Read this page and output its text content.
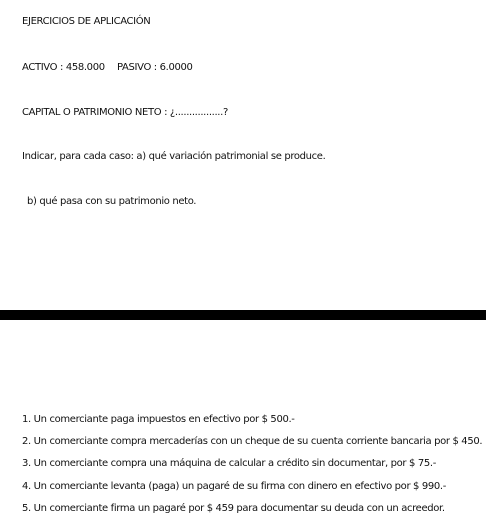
EJERCICIOS DE APLICACIÓN
ACTIVO : 458.000 PASIVO : 6.0000
CAPITAL O PATRIMONIO NETO : ¿.................?
Indicar, para cada caso: a) qué variación patrimonial se produce.
b) qué pasa con su patrimonio neto.
1. Un comerciante paga impuestos en efectivo por $ 500.-
2. Un comerciante compra mercaderías con un cheque de su cuenta corriente bancaria por $ 450.
3. Un comerciante compra una máquina de calcular a crédito sin documentar, por $ 75.-
4. Un comerciante levanta (paga) un pagaré de su firma con dinero en efectivo por $ 990.-
5. Un comerciante firma un pagaré por $ 459 para documentar su deuda con un acreedor.
